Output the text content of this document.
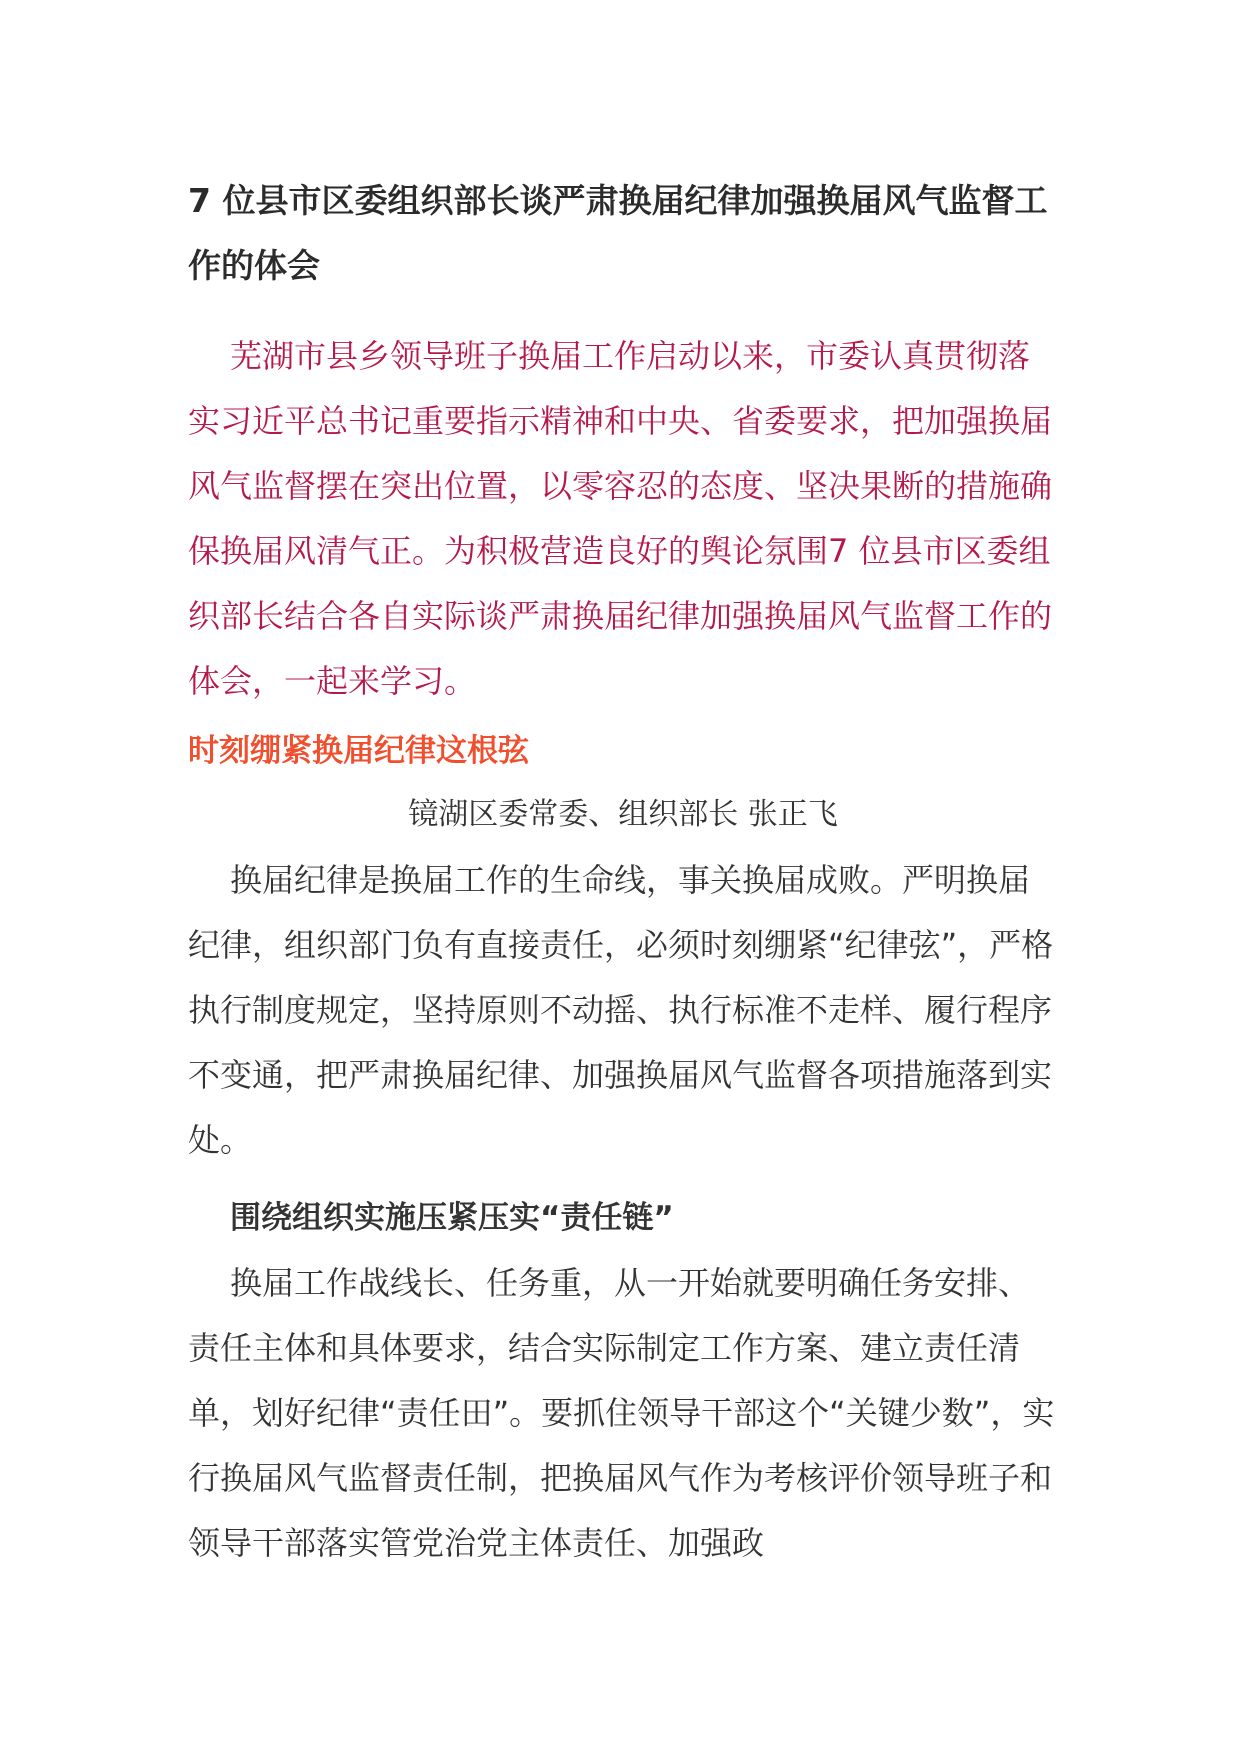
7 位县市区委组织部长谈严肃换届纪律加强换届风气监督工作的体会

芜湖市县乡领导班子换届工作启动以来，市委认真贯彻落实习近平总书记重要指示精神和中央、省委要求，把加强换届风气监督摆在突出位置，以零容忍的态度、坚决果断的措施确保换届风清气正。为积极营造良好的舆论氛围7 位县市区委组织部长结合各自实际谈严肃换届纪律加强换届风气监督工作的体会，一起来学习。

时刻绷紧换届纪律这根弦

镜湖区委常委、组织部长 张正飞

换届纪律是换届工作的生命线，事关换届成败。严明换届纪律，组织部门负有直接责任，必须时刻绷紧“纪律弦”，严格执行制度规定，坚持原则不动摇、执行标准不走样、履行程序不变通，把严肃换届纪律、加强换届风气监督各项措施落到实处。

围绕组织实施压紧压实“责任链”

换届工作战线长、任务重，从一开始就要明确任务安排、责任主体和具体要求，结合实际制定工作方案、建立责任清单，划好纪律“责任田”。要抓住领导干部这个“关键少数”，实行换届风气监督责任制，把换届风气作为考核评价领导班子和领导干部落实管党治党主体责任、加强政
